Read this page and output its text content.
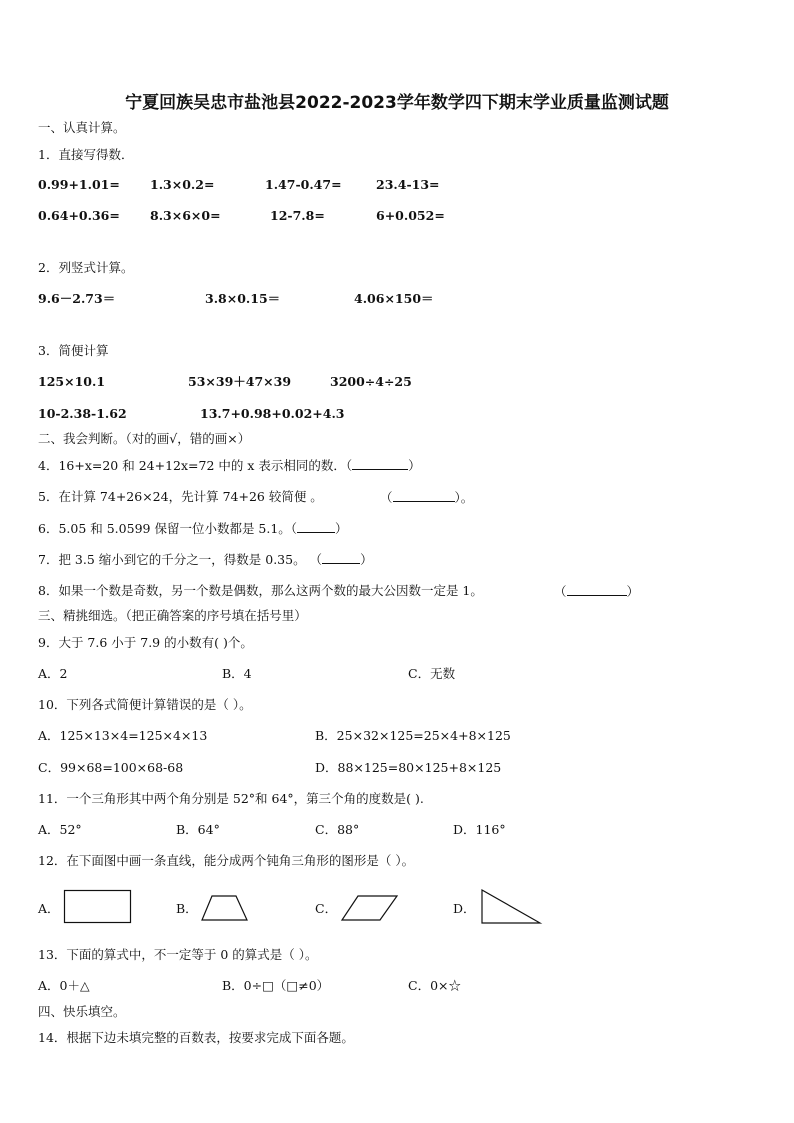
宁夏回族吴忠市盐池县2022-2023学年数学四下期末学业质量监测试题
一、认真计算。
1．直接写得数．
0.99+1.01= 1.3×0.2=	1.47-0.47=	23.4-13=
0.64+0.36= 8.3×6×0=	12-7.8=	6+0.052=
2．列竖式计算。
9.6－2.73＝	3.8×0.15＝	4.06×150＝
3．简便计算
125×10.1	53×39＋47×39	3200÷4÷25
10-2.38-1.62	13.7+0.98+0.02+4.3
二、我会判断。（对的画√，错的画×）
4．16+x=20 和 24+12x=72 中的 x 表示相同的数．（	）
5．在计算 74+26×24，先计算 74+26 较简便 。	（	）。
6．5.05 和 5.0599 保留一位小数都是 5.1。（	）
7．把 3.5 缩小到它的千分之一，得数是 0.35。 （	）
8．如果一个数是奇数，另一个数是偶数，那么这两个数的最大公因数一定是 1。	（	）
三、精挑细选。（把正确答案的序号填在括号里）
9．大于 7.6 小于 7.9 的小数有( )个。
A．2	B．4	C．无数
10．下列各式简便计算错误的是（ ）。
A．125×13×4=125×4×13	B．25×32×125=25×4+8×125
C．99×68=100×68-68	D．88×125=80×125+8×125
11．一个三角形其中两个角分别是 52°和 64°，第三个角的度数是( ).
A．52°	B．64°	C．88°	D．116°
12．在下面图中画一条直线，能分成两个钝角三角形的图形是（ ）。
A．	B．	C．	D．
13．下面的算式中，不一定等于 0 的算式是（ ）。
A．0＋△	B．0÷□（□≠0）	C．0×☆
四、快乐填空。
14．根据下边未填完整的百数表，按要求完成下面各题。
